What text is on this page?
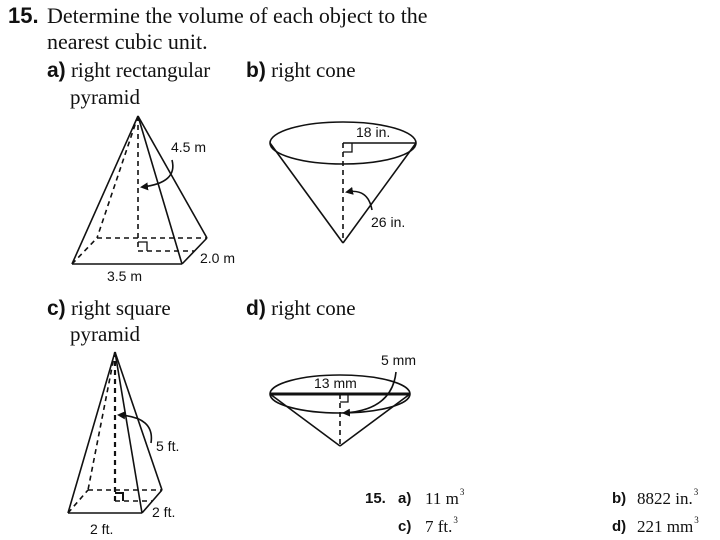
15. Determine the volume of each object to the
nearest cubic unit.
a) right rectangular
pyramid
b) right cone
c) right square
pyramid
d) right cone
4.5 m
2.0 m
3.5 m
18 in.
26 in.
5 ft.
2 ft.
2 ft.
5 mm
13 mm
15. a) 11 $m^3$	b) 8822 in.$^3$
c) 7 ft.$^3$	d) 221 $mm^3$
